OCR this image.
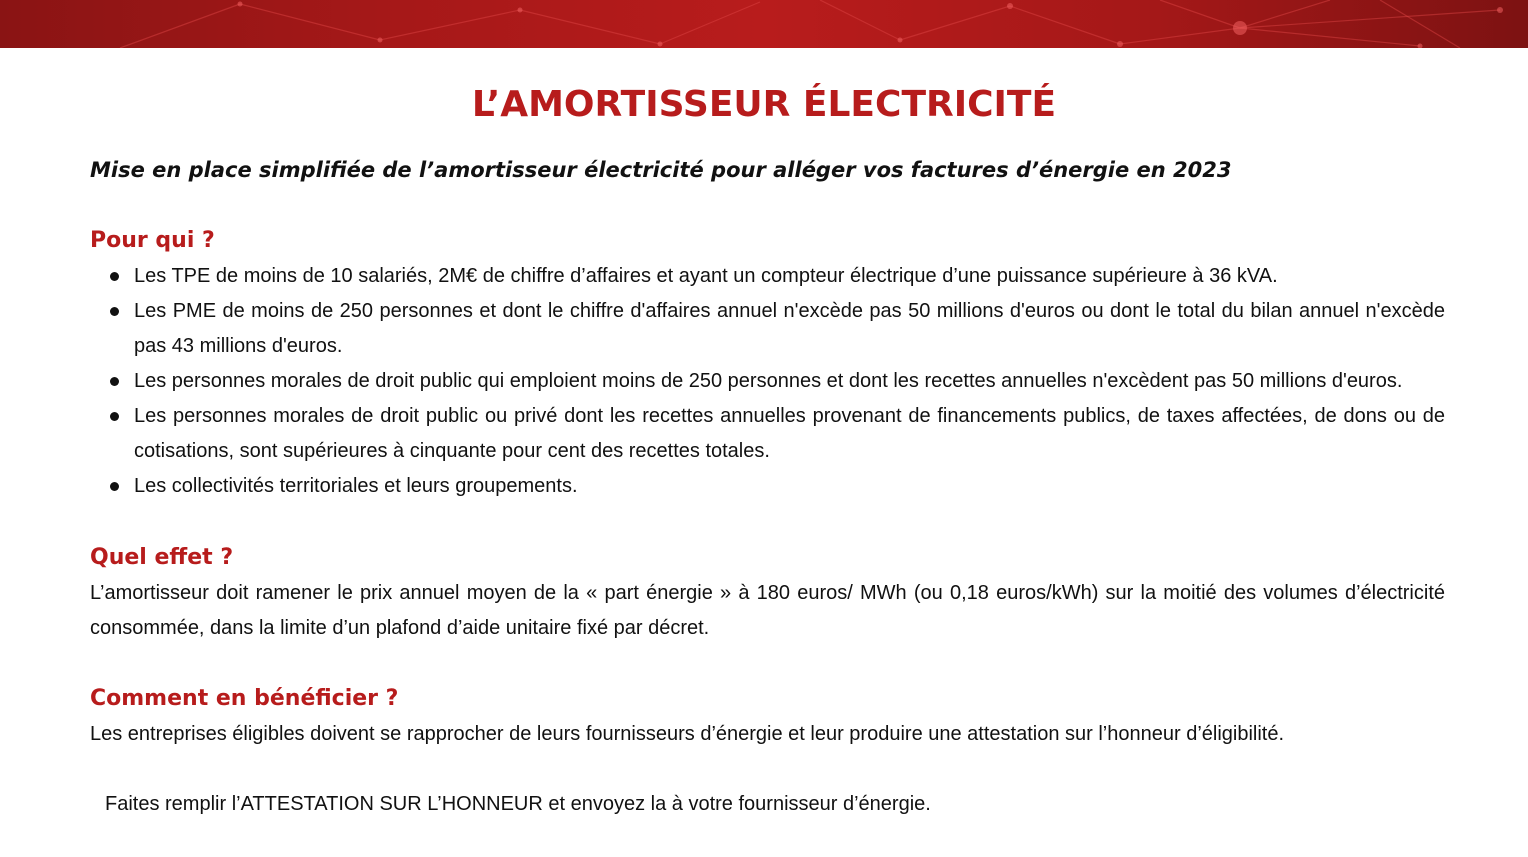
L’AMORTISSEUR ÉLECTRICITÉ

Mise en place simplifiée de l’amortisseur électricité pour alléger vos factures d’énergie en 2023

Pour qui ?
Les TPE de moins de 10 salariés, 2M€ de chiffre d’affaires et ayant un compteur électrique d’une puissance supérieure à 36 kVA.
Les PME de moins de 250 personnes et dont le chiffre d'affaires annuel n'excède pas 50 millions d'euros ou dont le total du bilan annuel n'excède pas 43 millions d'euros.
Les personnes morales de droit public qui emploient moins de 250 personnes et dont les recettes annuelles n'excèdent pas 50 millions d'euros.
Les personnes morales de droit public ou privé dont les recettes annuelles provenant de financements publics, de taxes affectées, de dons ou de cotisations, sont supérieures à cinquante pour cent des recettes totales.
Les collectivités territoriales et leurs groupements.
Quel effet ?

L’amortisseur doit ramener le prix annuel moyen de la « part énergie » à 180 euros/ MWh (ou 0,18 euros/kWh) sur la moitié des volumes d’électricité consommée, dans la limite d’un plafond d’aide unitaire fixé par décret.

Comment en bénéficier ?

Les entreprises éligibles doivent se rapprocher de leurs fournisseurs d’énergie et leur produire une attestation sur l’honneur d’éligibilité.

Faites remplir l’ATTESTATION SUR L’HONNEUR et envoyez la à votre fournisseur d’énergie.
